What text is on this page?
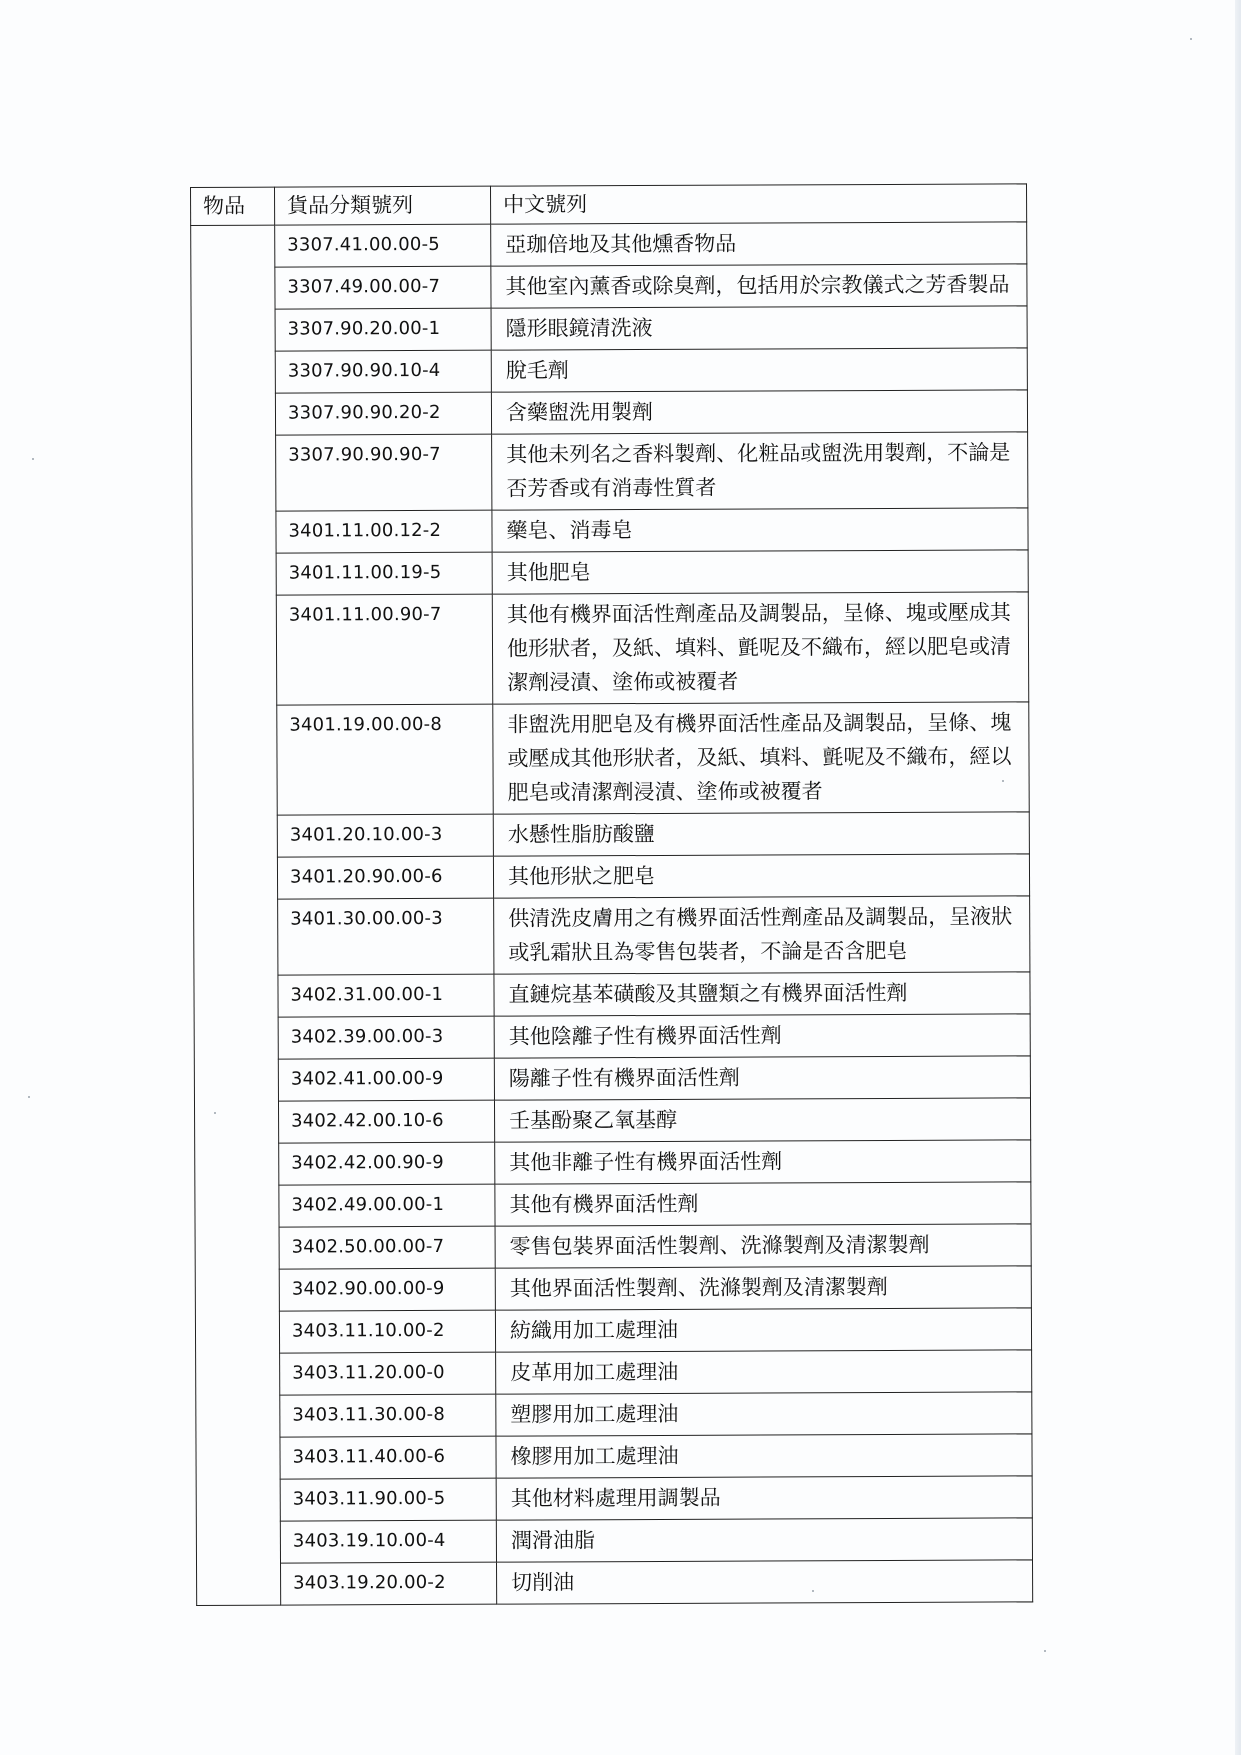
物品	貨品分類號列	中文號列
	3307.41.00.00-5	亞珈倍地及其他燻香物品
	3307.49.00.00-7	其他室內薰香或除臭劑，包括用於宗教儀式之芳香製品
	3307.90.20.00-1	隱形眼鏡清洗液
	3307.90.90.10-4	脫毛劑
	3307.90.90.20-2	含藥盥洗用製劑
	3307.90.90.90-7	其他未列名之香料製劑、化粧品或盥洗用製劑，不論是否芳香或有消毒性質者
	3401.11.00.12-2	藥皂、消毒皂
	3401.11.00.19-5	其他肥皂
	3401.11.00.90-7	其他有機界面活性劑產品及調製品，呈條、塊或壓成其他形狀者，及紙、填料、氈呢及不織布，經以肥皂或清潔劑浸漬、塗佈或被覆者
	3401.19.00.00-8	非盥洗用肥皂及有機界面活性產品及調製品，呈條、塊或壓成其他形狀者，及紙、填料、氈呢及不織布，經以肥皂或清潔劑浸漬、塗佈或被覆者
	3401.20.10.00-3	水懸性脂肪酸鹽
	3401.20.90.00-6	其他形狀之肥皂
	3401.30.00.00-3	供清洗皮膚用之有機界面活性劑產品及調製品，呈液狀或乳霜狀且為零售包裝者，不論是否含肥皂
	3402.31.00.00-1	直鏈烷基苯磺酸及其鹽類之有機界面活性劑
	3402.39.00.00-3	其他陰離子性有機界面活性劑
	3402.41.00.00-9	陽離子性有機界面活性劑
	3402.42.00.10-6	壬基酚聚乙氧基醇
	3402.42.00.90-9	其他非離子性有機界面活性劑
	3402.49.00.00-1	其他有機界面活性劑
	3402.50.00.00-7	零售包裝界面活性製劑、洗滌製劑及清潔製劑
	3402.90.00.00-9	其他界面活性製劑、洗滌製劑及清潔製劑
	3403.11.10.00-2	紡織用加工處理油
	3403.11.20.00-0	皮革用加工處理油
	3403.11.30.00-8	塑膠用加工處理油
	3403.11.40.00-6	橡膠用加工處理油
	3403.11.90.00-5	其他材料處理用調製品
	3403.19.10.00-4	潤滑油脂
	3403.19.20.00-2	切削油
